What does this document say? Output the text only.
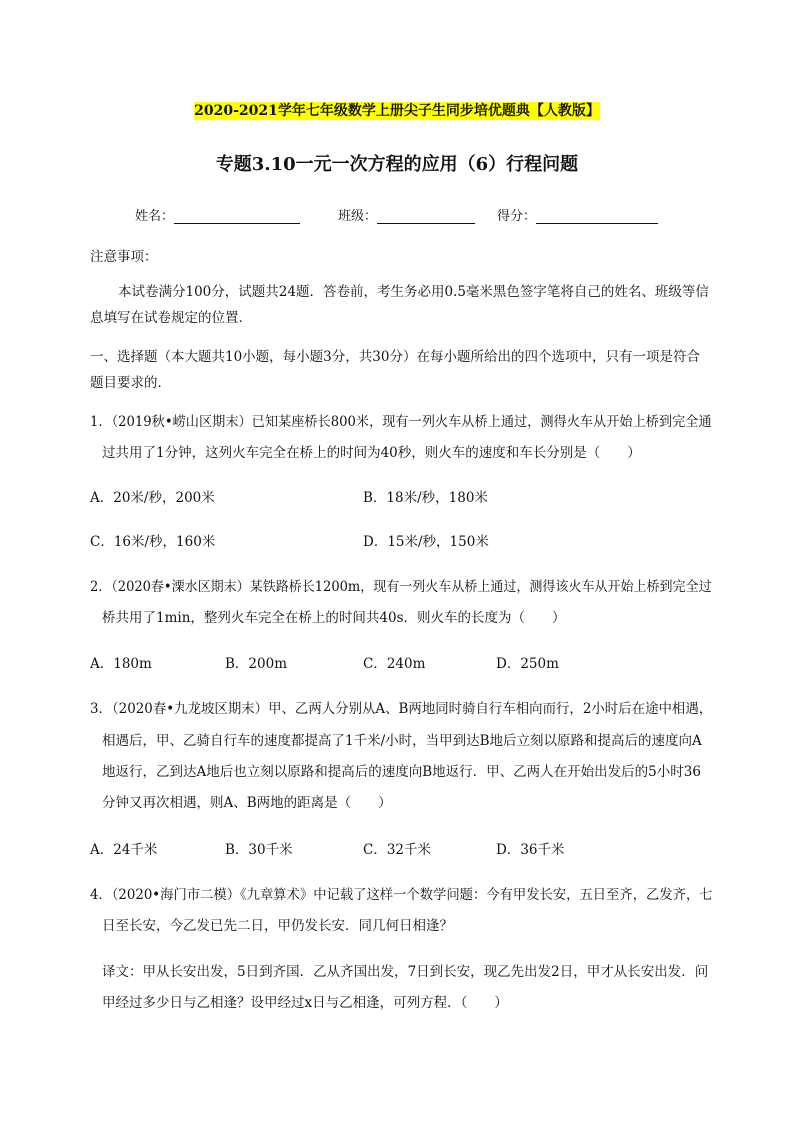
2020-2021学年七年级数学上册尖子生同步培优题典【人教版】
专题3.10一元一次方程的应用（6）行程问题
姓名：	班级：	得分：
注意事项：
本试卷满分100分，试题共24题．答卷前，考生务必用0.5毫米黑色签字笔将自己的姓名、班级等信
息填写在试卷规定的位置．
一、选择题（本大题共10小题，每小题3分，共30分）在每小题所给出的四个选项中，只有一项是符合
题目要求的．
1．（2019秋•崂山区期末）已知某座桥长800米，现有一列火车从桥上通过，测得火车从开始上桥到完全通
过共用了1分钟，这列火车完全在桥上的时间为40秒，则火车的速度和车长分别是（　　）
A．20米/秒，200米	B．18米/秒，180米
C．16米/秒，160米	D．15米/秒，150米
2．（2020春•溧水区期末）某铁路桥长1200m，现有一列火车从桥上通过，测得该火车从开始上桥到完全过
桥共用了1min，整列火车完全在桥上的时间共40s．则火车的长度为（　　）
A．180m	B．200m	C．240m	D．250m
3．（2020春•九龙坡区期末）甲、乙两人分别从A、B两地同时骑自行车相向而行，2小时后在途中相遇，
相遇后，甲、乙骑自行车的速度都提高了1千米/小时，当甲到达B地后立刻以原路和提高后的速度向A
地返行，乙到达A地后也立刻以原路和提高后的速度向B地返行．甲、乙两人在开始出发后的5小时36
分钟又再次相遇，则A、B两地的距离是（　　）
A．24千米	B．30千米	C．32千米	D．36千米
4．（2020•海门市二模）《九章算术》中记载了这样一个数学问题：今有甲发长安，五日至齐，乙发齐，七
日至长安，今乙发已先二日，甲仍发长安．同几何日相逢？
译文：甲从长安出发，5日到齐国．乙从齐国出发，7日到长安，现乙先出发2日，甲才从长安出发．问
甲经过多少日与乙相逢？设甲经过x日与乙相逢，可列方程．（　　）
